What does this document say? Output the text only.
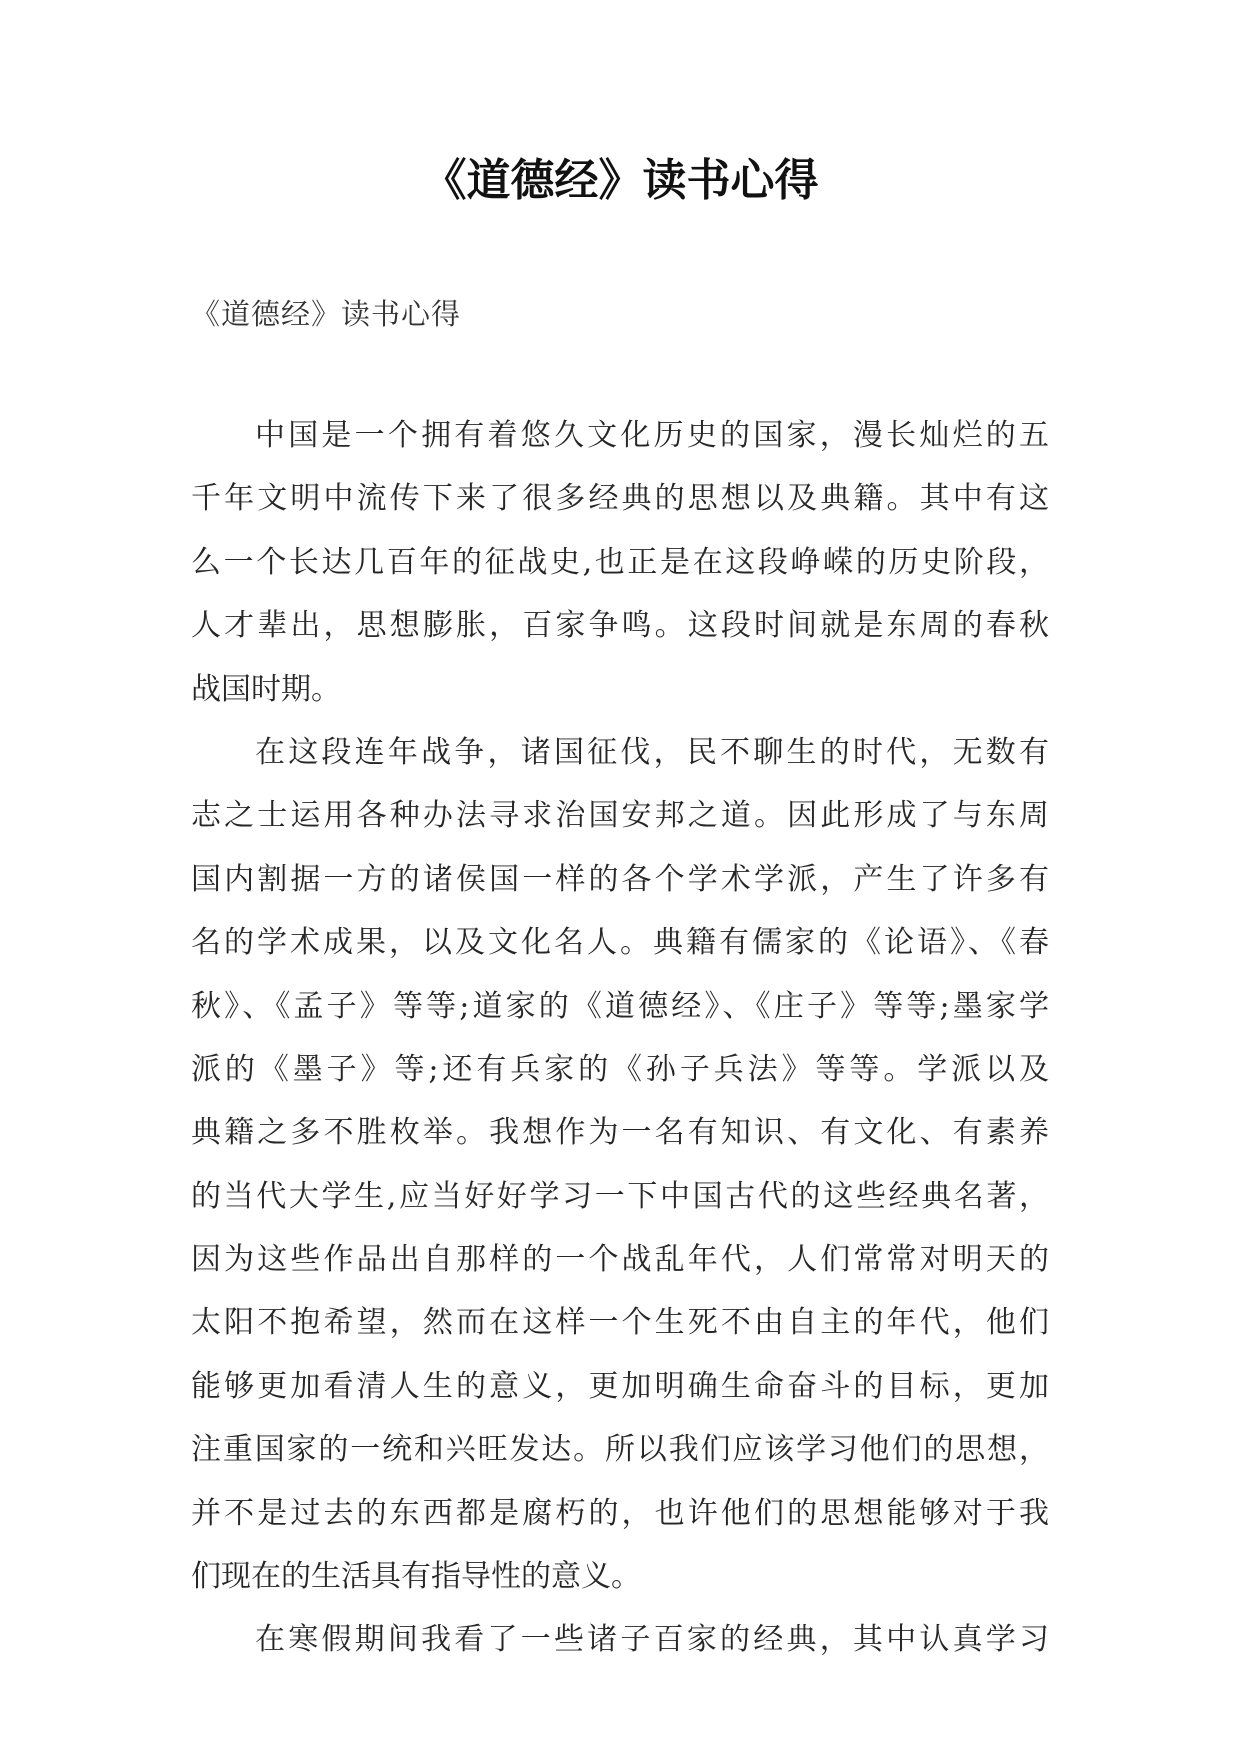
《道德经》读书心得

《道德经》读书心得

中国是一个拥有着悠久文化历史的国家，漫长灿烂的五
千年文明中流传下来了很多经典的思想以及典籍。其中有这
么一个长达几百年的征战史,也正是在这段峥嵘的历史阶段，
人才辈出，思想膨胀，百家争鸣。这段时间就是东周的春秋
战国时期。
在这段连年战争，诸国征伐，民不聊生的时代，无数有
志之士运用各种办法寻求治国安邦之道。因此形成了与东周
国内割据一方的诸侯国一样的各个学术学派，产生了许多有
名的学术成果，以及文化名人。典籍有儒家的《论语》、《春
秋》、《孟子》等等;道家的《道德经》、《庄子》等等;墨家学
派的《墨子》等;还有兵家的《孙子兵法》等等。学派以及
典籍之多不胜枚举。我想作为一名有知识、有文化、有素养
的当代大学生,应当好好学习一下中国古代的这些经典名著，
因为这些作品出自那样的一个战乱年代，人们常常对明天的
太阳不抱希望，然而在这样一个生死不由自主的年代，他们
能够更加看清人生的意义，更加明确生命奋斗的目标，更加
注重国家的一统和兴旺发达。所以我们应该学习他们的思想，
并不是过去的东西都是腐朽的，也许他们的思想能够对于我
们现在的生活具有指导性的意义。
在寒假期间我看了一些诸子百家的经典，其中认真学习
